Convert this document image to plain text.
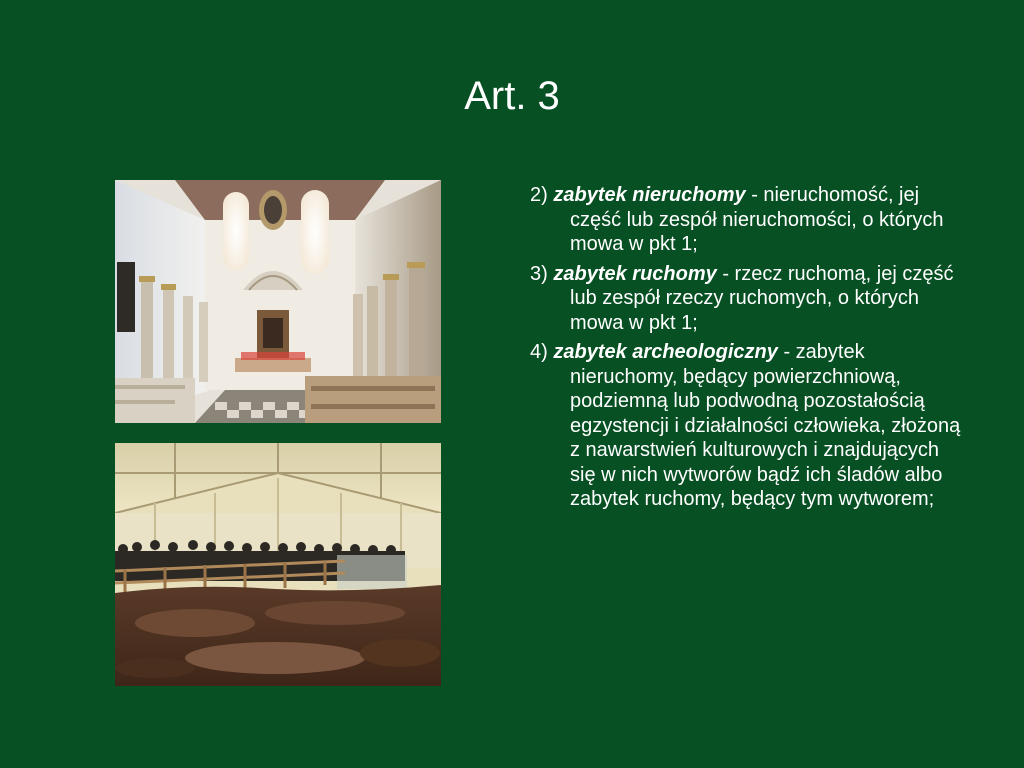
Art. 3
2) zabytek nieruchomy - nieruchomość, jej część lub zespół nieruchomości, o których mowa w pkt 1;
3) zabytek ruchomy - rzecz ruchomą, jej część lub zespół rzeczy ruchomych, o których mowa w pkt 1;
4) zabytek archeologiczny - zabytek nieruchomy, będący powierzchniową, podziemną lub podwodną pozostałością egzystencji i działalności człowieka, złożoną z nawarstwień kulturowych i znajdujących się w nich wytworów bądź ich śladów albo zabytek ruchomy, będący tym wytworem;
